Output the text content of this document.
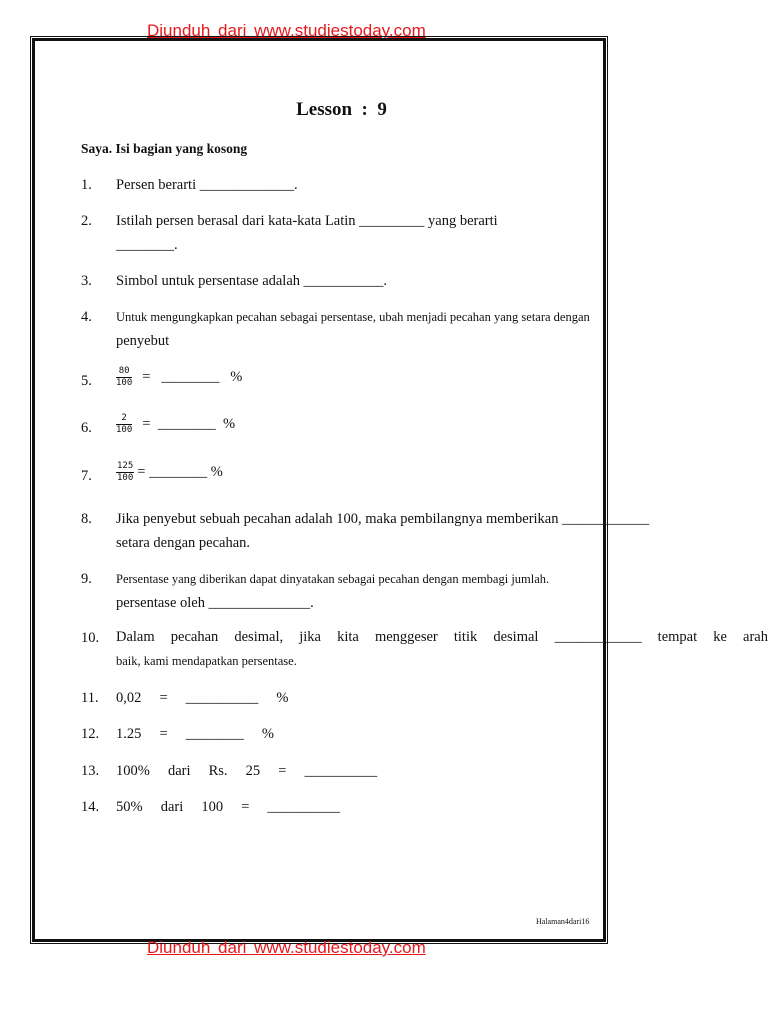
Diunduh dari www.studiestoday.com
Lesson  :  9
Saya. Isi bagian yang kosong
1. Persen berarti _____________.
2. Istilah persen berasal dari kata-kata Latin _________ yang berarti
________.
3. Simbol untuk persentase adalah ___________.
4. Untuk mengungkapkan pecahan sebagai persentase, ubah menjadi pecahan yang setara dengan
penyebut
5.	$\frac{80}{100}$ =   ________   %
6.	$\frac{2}{100}$ =  ________  %
7.	$\frac{125}{100}$ = ________ %
8. Jika penyebut sebuah pecahan adalah 100, maka pembilangnya memberikan ____________
setara dengan pecahan.
9. Persentase yang diberikan dapat dinyatakan sebagai pecahan dengan membagi jumlah.
persentase oleh ______________.
10. Dalam pecahan desimal, jika kita menggeser titik desimal ____________ tempat ke arah
baik, kami mendapatkan persentase.
11. 0,02     =     __________     %
12. 1.25     =     ________     %
13. 100%     dari     Rs.     25     =     __________
14. 50%     dari     100     =     __________
Halaman4dari16
Diunduh dari www.studiestoday.com
